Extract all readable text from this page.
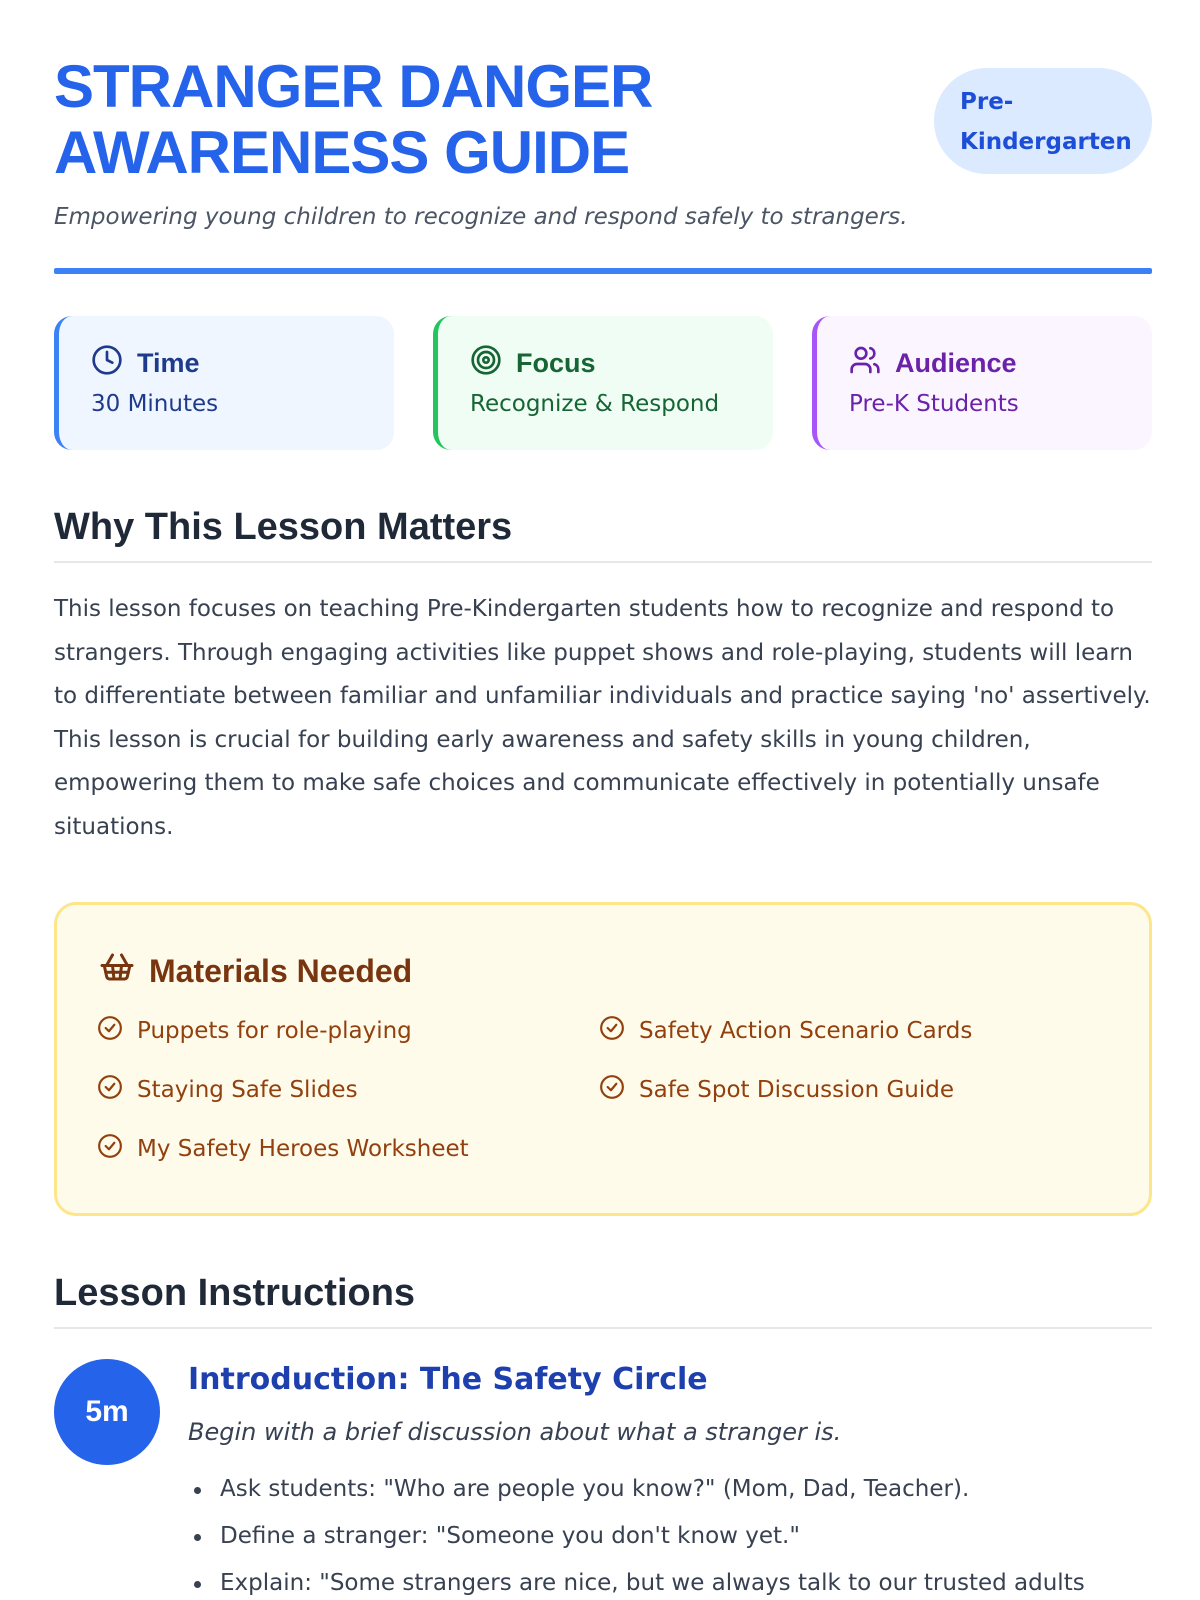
STRANGER DANGER AWARENESS GUIDE
Pre-Kindergarten
Empowering young children to recognize and respond safely to strangers.
Time
30 Minutes
Focus
Recognize & Respond
Audience
Pre-K Students
Why This Lesson Matters

This lesson focuses on teaching Pre-Kindergarten students how to recognize and respond to strangers. Through engaging activities like puppet shows and role-playing, students will learn to differentiate between familiar and unfamiliar individuals and practice saying 'no' assertively. This lesson is crucial for building early awareness and safety skills in young children, empowering them to make safe choices and communicate effectively in potentially unsafe situations.

Materials Needed
Puppets for role-playing	Safety Action Scenario Cards
Staying Safe Slides	Safe Spot Discussion Guide
My Safety Heroes Worksheet
Lesson Instructions
5m
Introduction: The Safety Circle
Begin with a brief discussion about what a stranger is.
Ask students: "Who are people you know?" (Mom, Dad, Teacher).
Define a stranger: "Someone you don't know yet."
Explain: "Some strangers are nice, but we always talk to our trusted adults
